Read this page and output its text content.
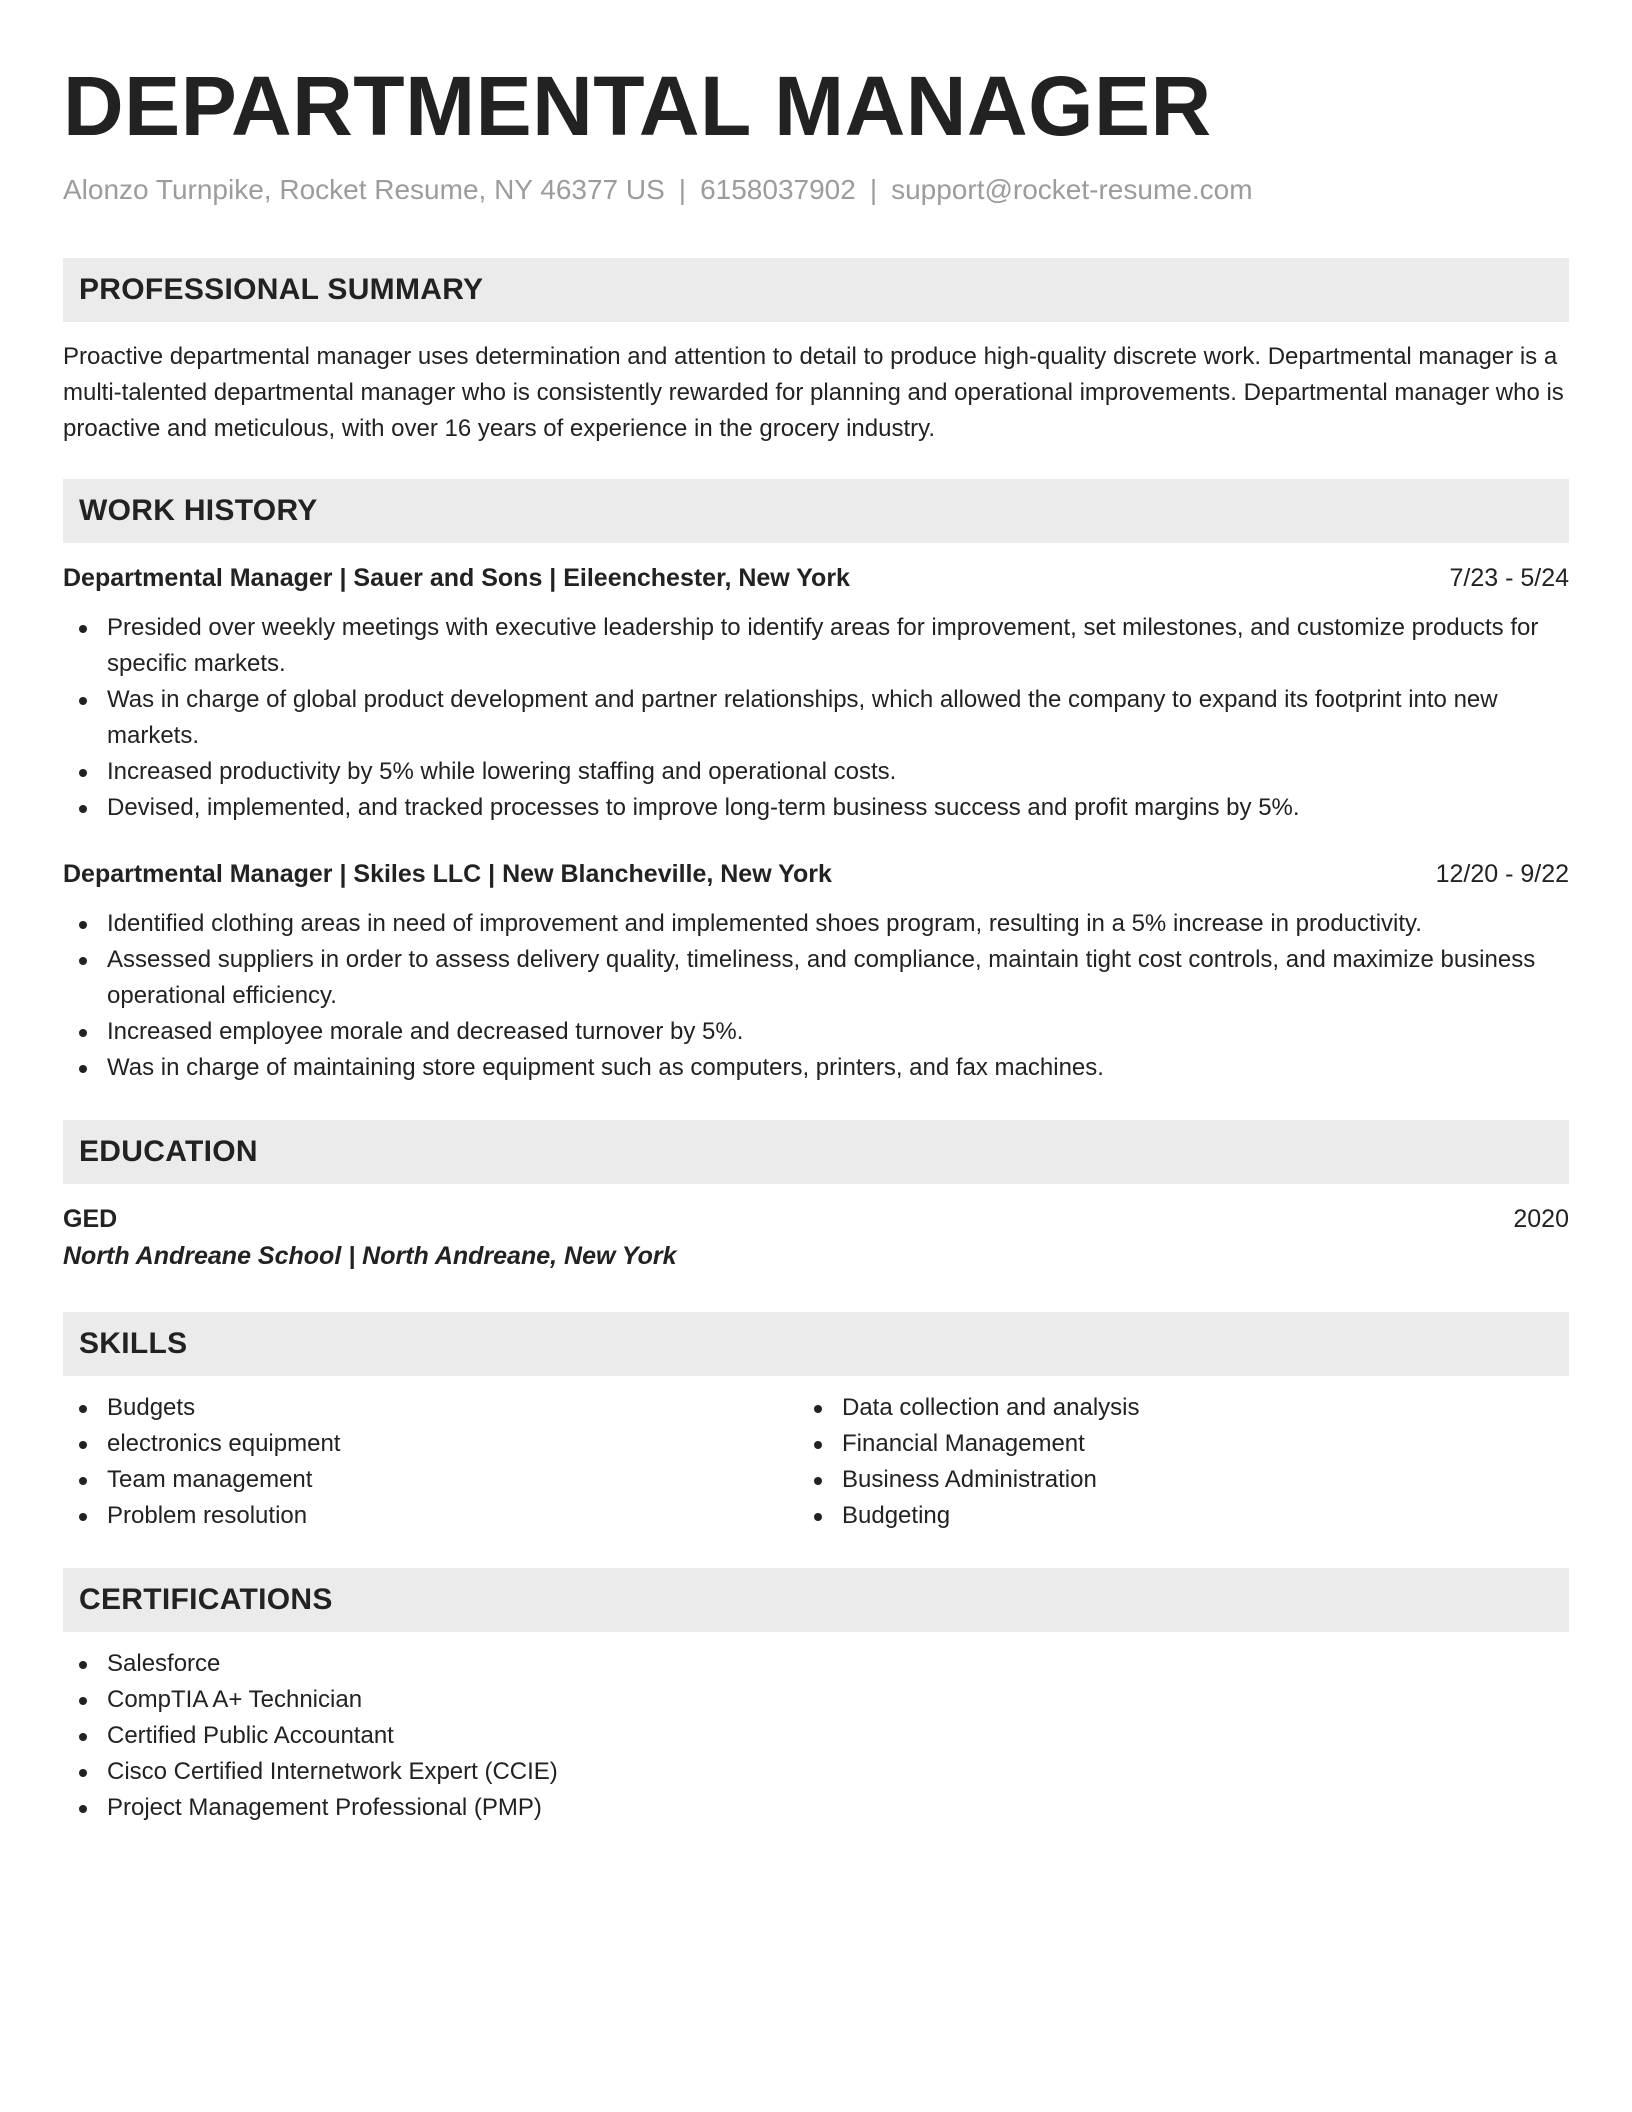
DEPARTMENTAL MANAGER
Alonzo Turnpike, Rocket Resume, NY 46377 US | 6158037902 | support@rocket-resume.com
PROFESSIONAL SUMMARY
Proactive departmental manager uses determination and attention to detail to produce high-quality discrete work. Departmental manager is a multi-talented departmental manager who is consistently rewarded for planning and operational improvements. Departmental manager who is proactive and meticulous, with over 16 years of experience in the grocery industry.
WORK HISTORY
Departmental Manager | Sauer and Sons | Eileenchester, New York	7/23 - 5/24
Presided over weekly meetings with executive leadership to identify areas for improvement, set milestones, and customize products for specific markets.
Was in charge of global product development and partner relationships, which allowed the company to expand its footprint into new markets.
Increased productivity by 5% while lowering staffing and operational costs.
Devised, implemented, and tracked processes to improve long-term business success and profit margins by 5%.
Departmental Manager | Skiles LLC | New Blancheville, New York	12/20 - 9/22
Identified clothing areas in need of improvement and implemented shoes program, resulting in a 5% increase in productivity.
Assessed suppliers in order to assess delivery quality, timeliness, and compliance, maintain tight cost controls, and maximize business operational efficiency.
Increased employee morale and decreased turnover by 5%.
Was in charge of maintaining store equipment such as computers, printers, and fax machines.
EDUCATION
GED	2020
North Andreane School | North Andreane, New York
SKILLS
Budgets
electronics equipment
Team management
Problem resolution
Data collection and analysis
Financial Management
Business Administration
Budgeting
CERTIFICATIONS
Salesforce
CompTIA A+ Technician
Certified Public Accountant
Cisco Certified Internetwork Expert (CCIE)
Project Management Professional (PMP)
